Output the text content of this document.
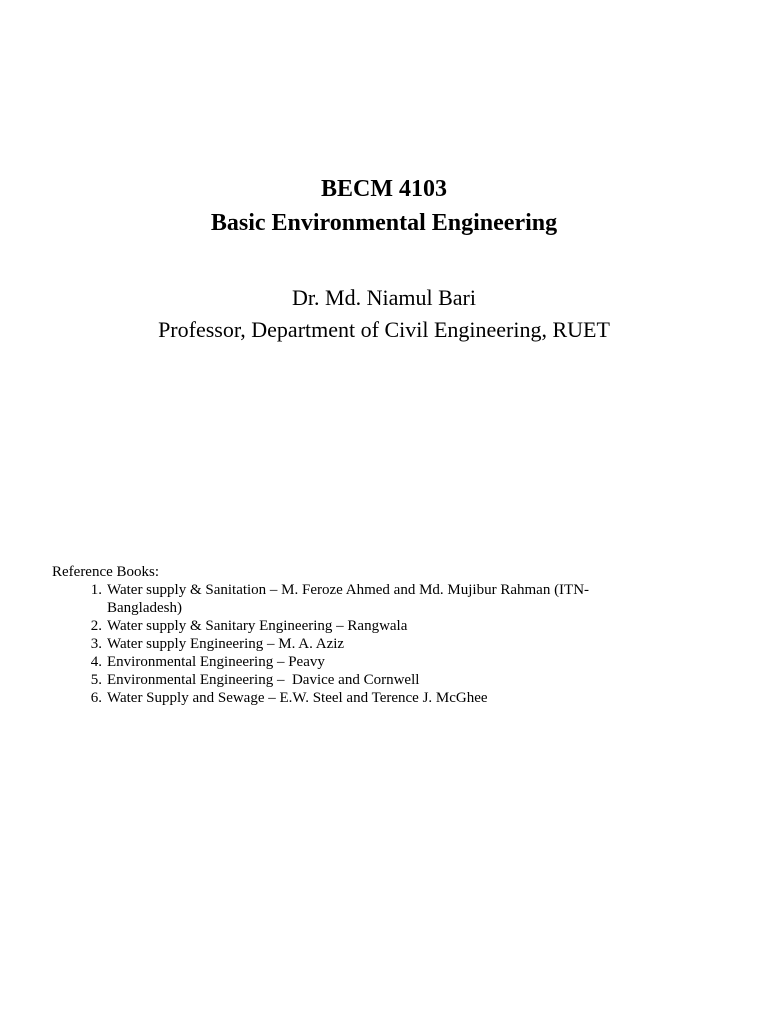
BECM 4103
Basic Environmental Engineering
Dr. Md. Niamul Bari
Professor, Department of Civil Engineering, RUET
Reference Books:
1. Water supply & Sanitation – M. Feroze Ahmed and Md. Mujibur Rahman (ITN-
Bangladesh)
2. Water supply & Sanitary Engineering – Rangwala
3. Water supply Engineering – M. A. Aziz
4. Environmental Engineering – Peavy
5. Environmental Engineering –  Davice and Cornwell
6. Water Supply and Sewage – E.W. Steel and Terence J. McGhee
